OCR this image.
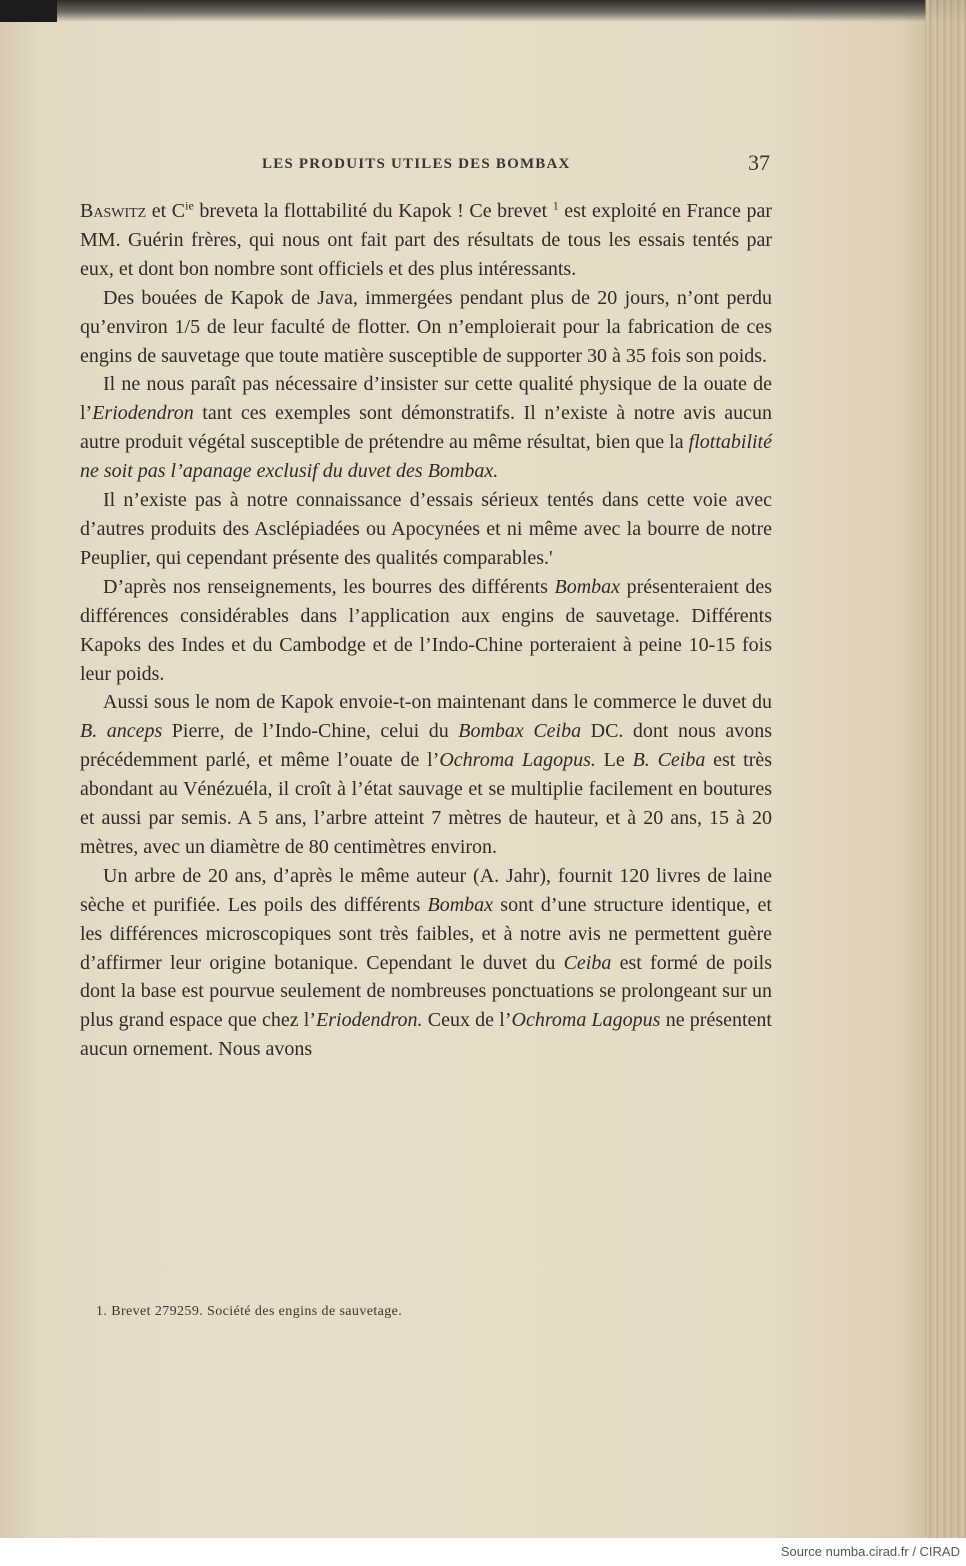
LES PRODUITS UTILES DES BOMBAX	37

Baswitz et $C^{ie}$ breveta la flottabilité du Kapok ! Ce brevet $^1$ est exploité en France par MM. Guérin frères, qui nous ont fait part des résultats de tous les essais tentés par eux, et dont bon nombre sont officiels et des plus intéressants.

Des bouées de Kapok de Java, immergées pendant plus de 20 jours, n’ont perdu qu’environ 1/5 de leur faculté de flotter. On n’emploierait pour la fabrication de ces engins de sauvetage que toute matière susceptible de supporter 30 à 35 fois son poids.

Il ne nous paraît pas nécessaire d’insister sur cette qualité physique de la ouate de l’Eriodendron tant ces exemples sont démonstratifs. Il n’existe à notre avis aucun autre produit végétal susceptible de prétendre au même résultat, bien que la flottabilité ne soit pas l’apanage exclusif du duvet des Bombax.

Il n’existe pas à notre connaissance d’essais sérieux tentés dans cette voie avec d’autres produits des Asclépiadées ou Apocynées et ni même avec la bourre de notre Peuplier, qui cependant présente des qualités comparables.'

D’après nos renseignements, les bourres des différents Bombax présenteraient des différences considérables dans l’application aux engins de sauvetage. Différents Kapoks des Indes et du Cambodge et de l’Indo-Chine porteraient à peine 10-15 fois leur poids.

Aussi sous le nom de Kapok envoie-t-on maintenant dans le commerce le duvet du B. anceps Pierre, de l’Indo-Chine, celui du Bombax Ceiba DC. dont nous avons précédemment parlé, et même l’ouate de l’Ochroma Lagopus. Le B. Ceiba est très abondant au Vénézuéla, il croît à l’état sauvage et se multiplie facilement en boutures et aussi par semis. A 5 ans, l’arbre atteint 7 mètres de hauteur, et à 20 ans, 15 à 20 mètres, avec un diamètre de 80 centimètres environ.

Un arbre de 20 ans, d’après le même auteur (A. Jahr), fournit 120 livres de laine sèche et purifiée. Les poils des différents Bombax sont d’une structure identique, et les différences microscopiques sont très faibles, et à notre avis ne permettent guère d’affirmer leur origine botanique. Cependant le duvet du Ceiba est formé de poils dont la base est pourvue seulement de nombreuses ponctuations se prolongeant sur un plus grand espace que chez l’Eriodendron. Ceux de l’Ochroma Lagopus ne présentent aucun ornement. Nous avons

1. Brevet 279259. Société des engins de sauvetage.
Source numba.cirad.fr / CIRAD
